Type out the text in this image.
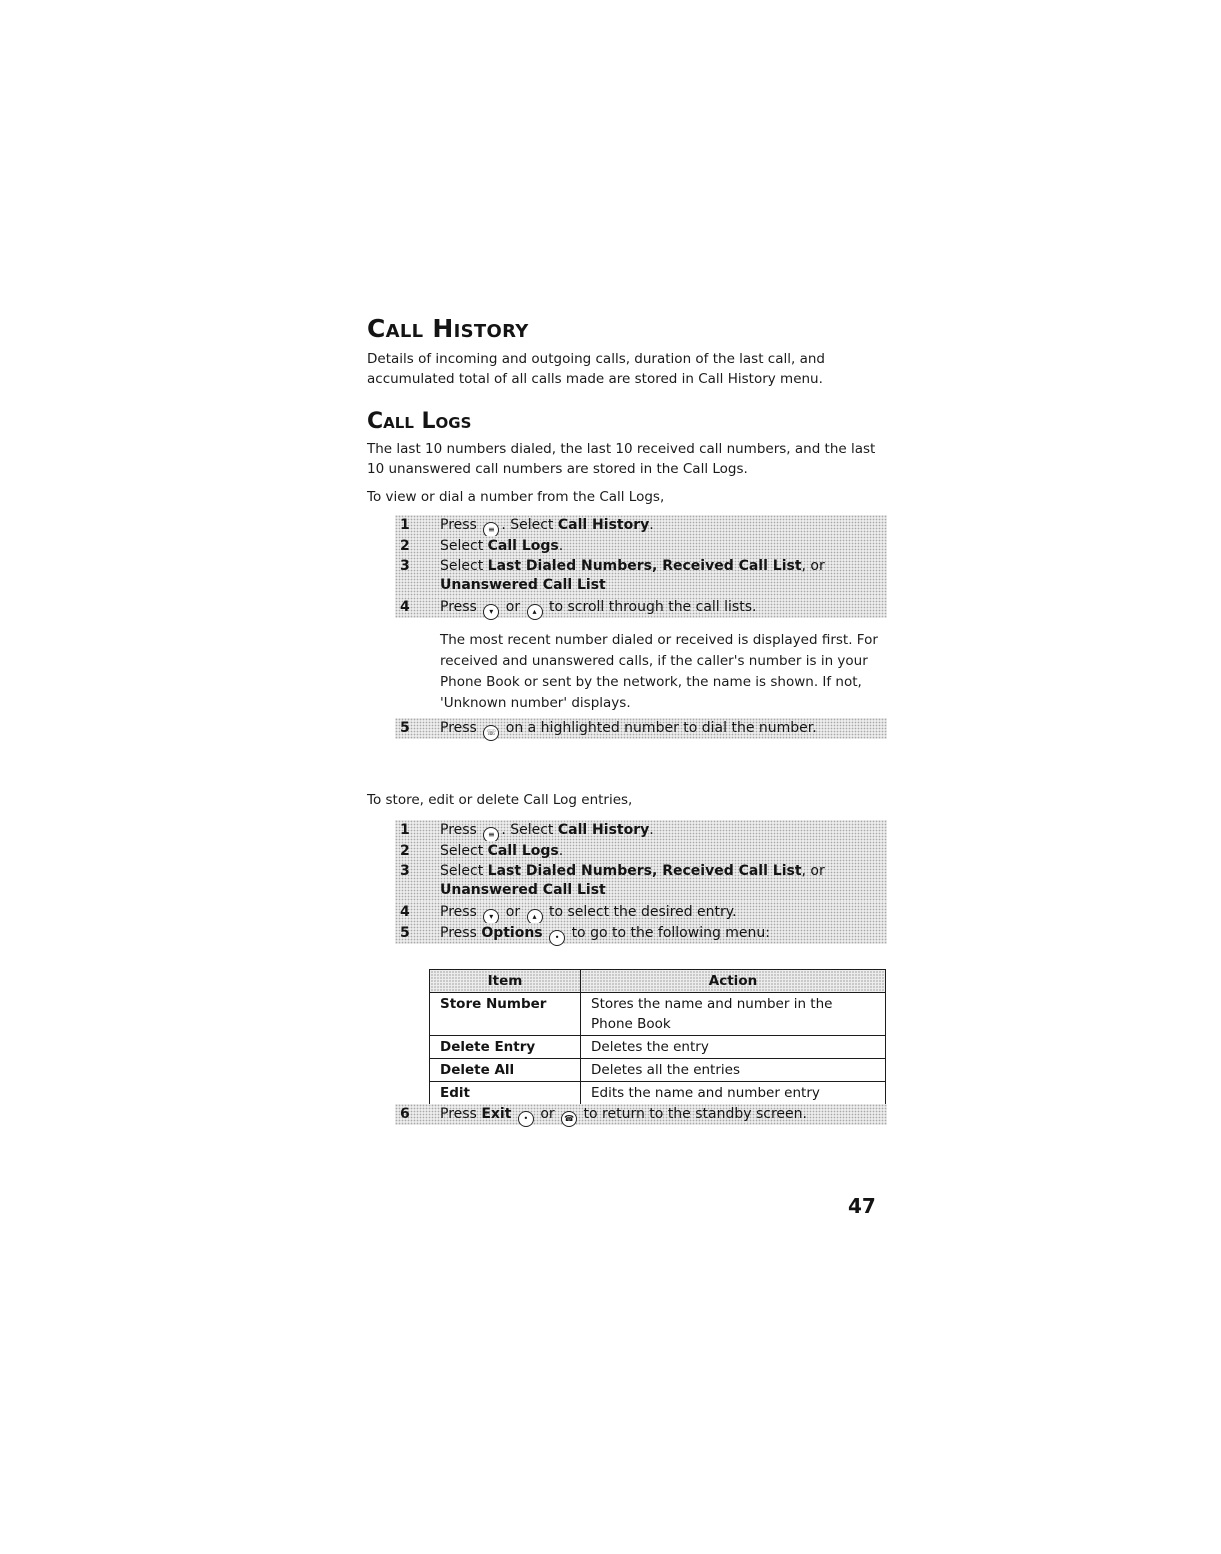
Call History

Details of incoming and outgoing calls, duration of the last call, and accumulated total of all calls made are stored in Call History menu.

Call Logs

The last 10 numbers dialed, the last 10 received call numbers, and the last 10 unanswered call numbers are stored in the Call Logs.

To view or dial a number from the Call Logs,

1	Press ≡ . Select Call History.
2	Select Call Logs.
3	Select Last Dialed Numbers, Received Call List, or Unanswered Call List
4	Press ▾ or ▴ to scroll through the call lists.

The most recent number dialed or received is displayed first. For received and unanswered calls, if the caller's number is in your Phone Book or sent by the network, the name is shown. If not, 'Unknown number' displays.

5	Press ☏ on a highlighted number to dial the number.

To store, edit or delete Call Log entries,

1	Press ≡ . Select Call History.
2	Select Call Logs.
3	Select Last Dialed Numbers, Received Call List, or Unanswered Call List
4	Press ▾ or ▴ to select the desired entry.
5	Press Options • to go to the following menu:
Item	Action
Store Number	Stores the name and number in the Phone Book
Delete Entry	Deletes the entry
Delete All	Deletes all the entries
Edit	Edits the name and number entry
6	Press Exit • or ☎ to return to the standby screen.
47
